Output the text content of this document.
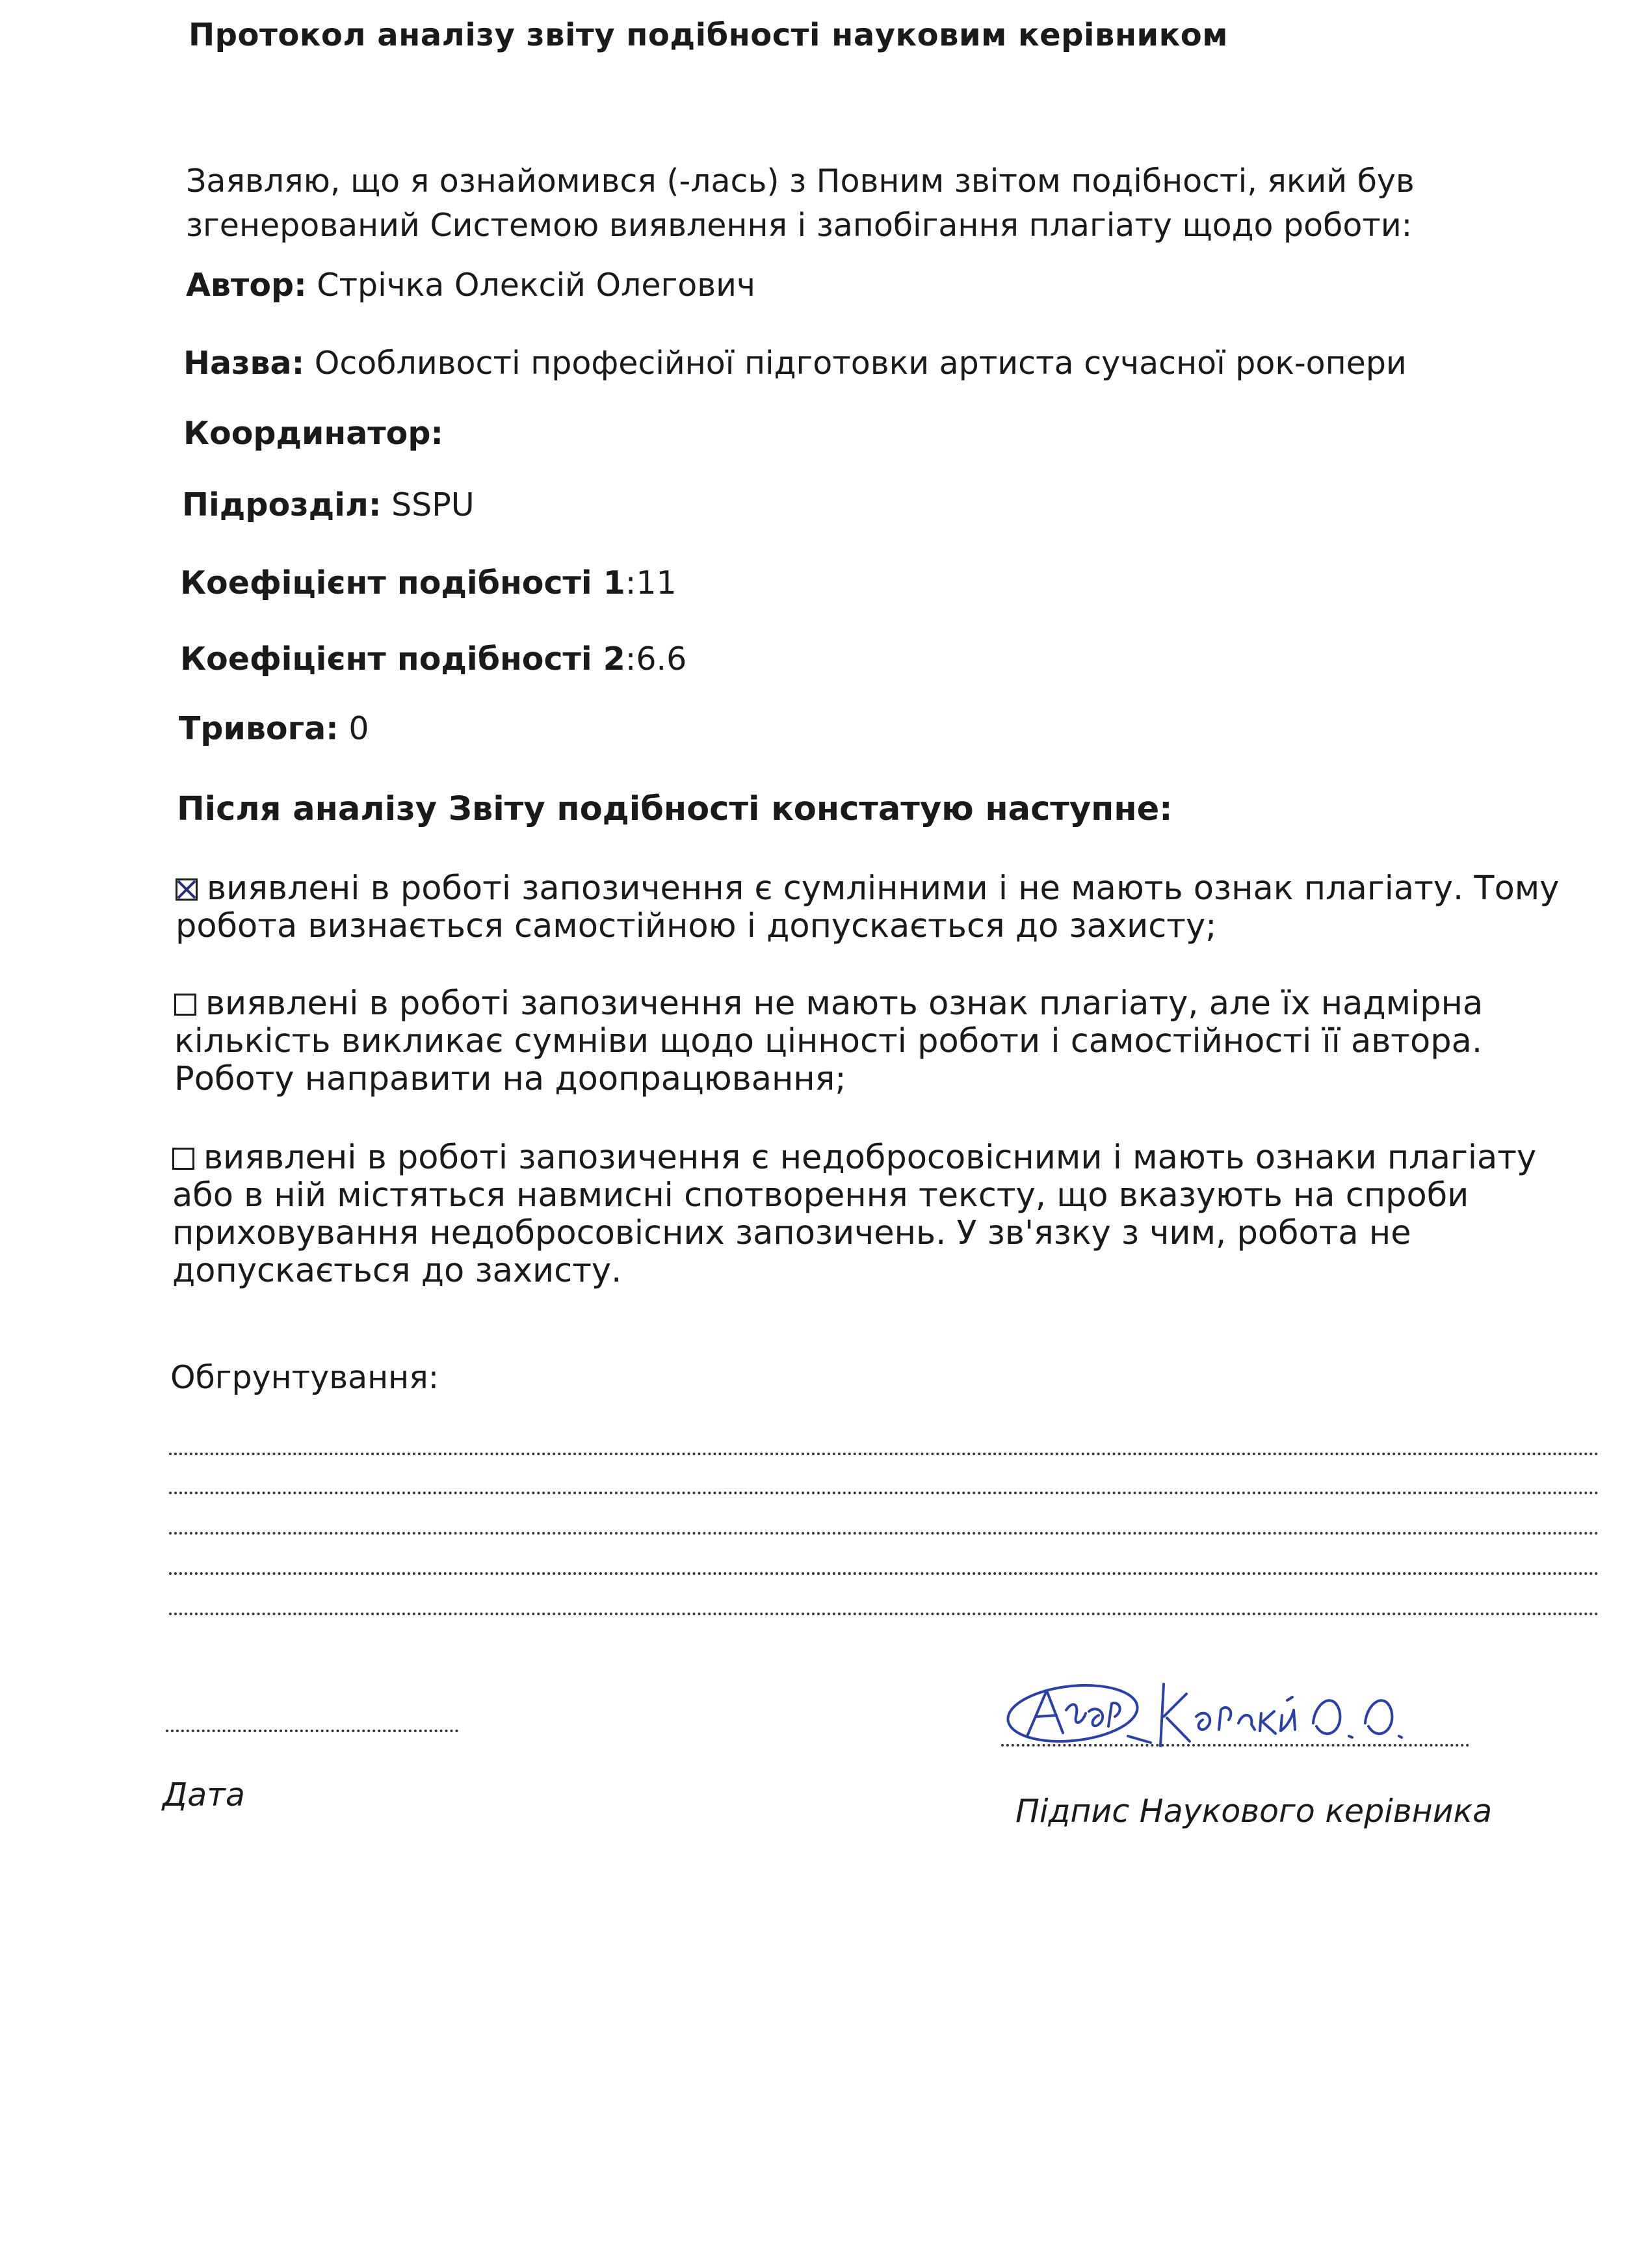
Протокол аналізу звіту подібності науковим керівником
Заявляю, що я ознайомився (-лась) з Повним звітом подібності, який був згенерований Системою виявлення і запобігання плагіату щодо роботи:
Автор: Стрічка Олексій Олегович
Назва: Особливості професійної підготовки артиста сучасної рок-опери
Координатор:
Підрозділ: SSPU
Коефіцієнт подібності 1:11
Коефіцієнт подібності 2:6.6
Тривога: 0
Після аналізу Звіту подібності констатую наступне:
виявлені в роботі запозичення є сумлінними і не мають ознак плагіату. Тому робота визнається самостійною і допускається до захисту;
виявлені в роботі запозичення не мають ознак плагіату, але їх надмірна кількість викликає сумніви щодо цінності роботи і самостійності її автора. Роботу направити на доопрацювання;
виявлені в роботі запозичення є недобросовісними і мають ознаки плагіату або в ній містяться навмисні спотворення тексту, що вказують на спроби приховування недобросовісних запозичень. У зв'язку з чим, робота не допускається до захисту.
Обгрунтування:
Дата	Підпис Наукового керівника
